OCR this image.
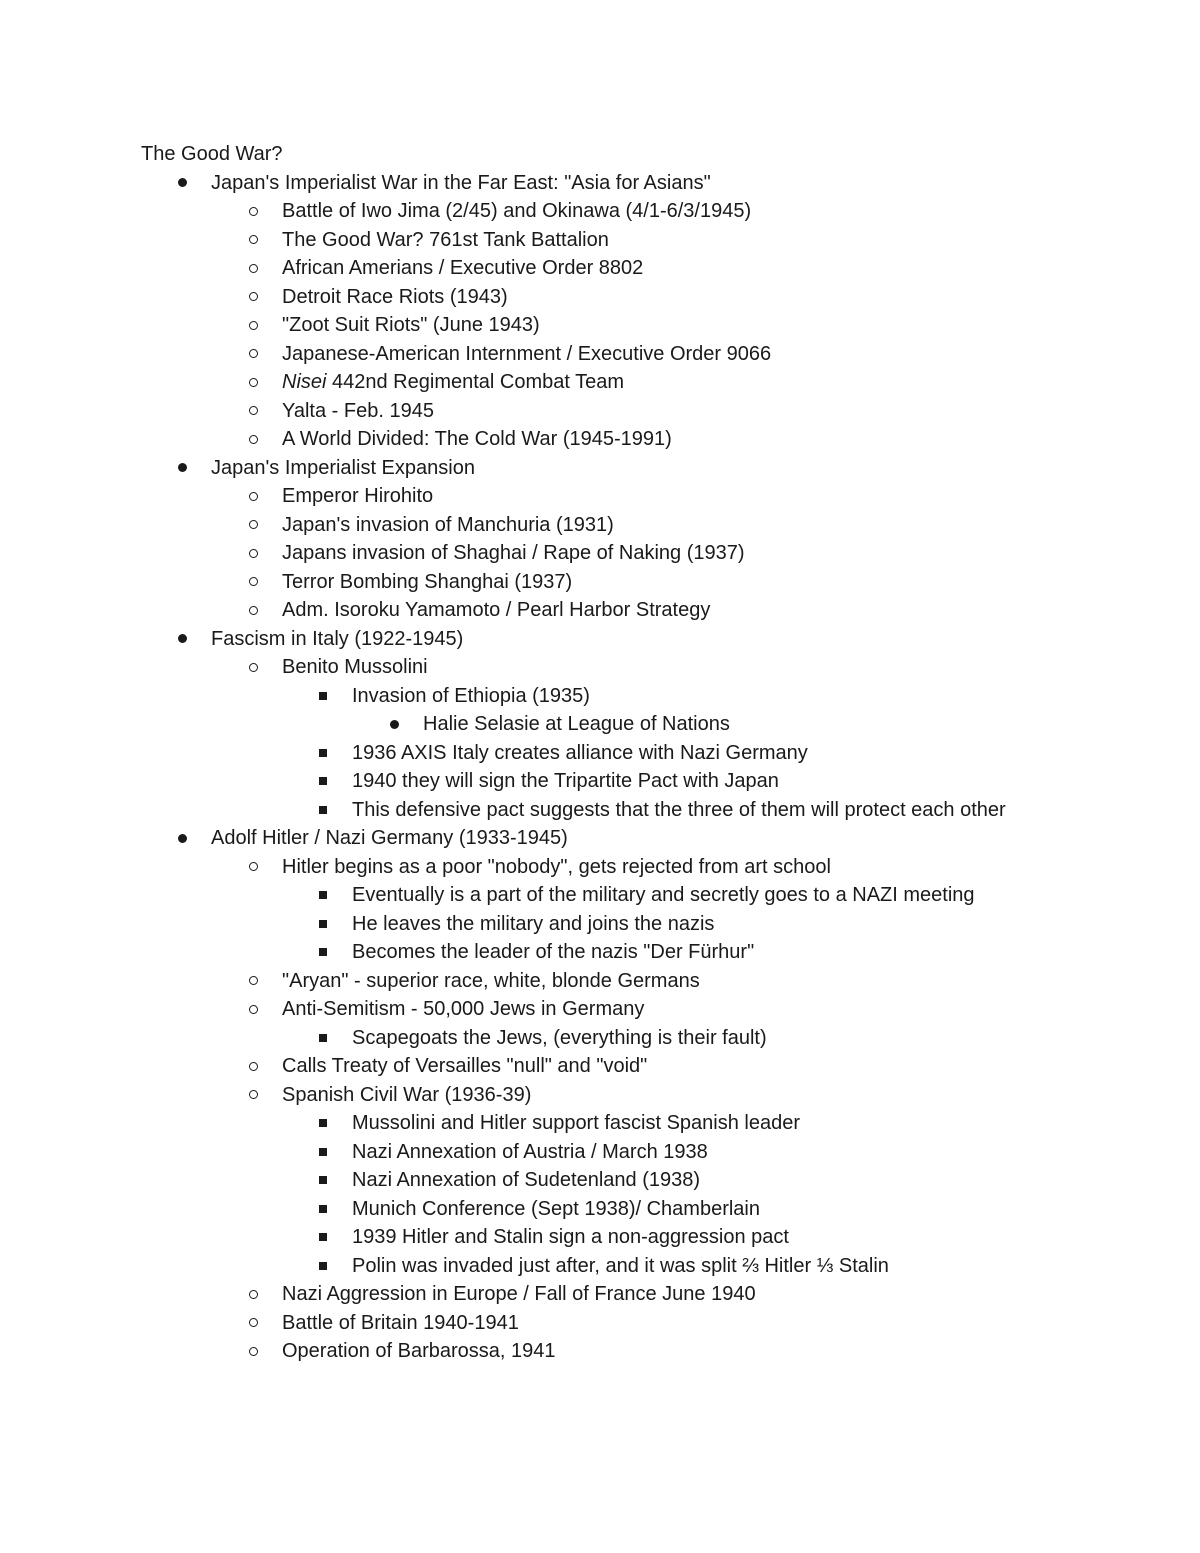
The Good War?
Japan's Imperialist War in the Far East: "Asia for Asians"
Battle of Iwo Jima (2/45) and Okinawa (4/1-6/3/1945)
The Good War? 761st Tank Battalion
African Amerians / Executive Order 8802
Detroit Race Riots (1943)
"Zoot Suit Riots" (June 1943)
Japanese-American Internment / Executive Order 9066
Nisei 442nd Regimental Combat Team
Yalta - Feb. 1945
A World Divided: The Cold War (1945-1991)
Japan's Imperialist Expansion
Emperor Hirohito
Japan's invasion of Manchuria (1931)
Japans invasion of Shaghai / Rape of Naking (1937)
Terror Bombing Shanghai (1937)
Adm. Isoroku Yamamoto / Pearl Harbor Strategy
Fascism in Italy (1922-1945)
Benito Mussolini
Invasion of Ethiopia (1935)
Halie Selasie at League of Nations
1936 AXIS Italy creates alliance with Nazi Germany
1940 they will sign the Tripartite Pact with Japan
This defensive pact suggests that the three of them will protect each other
Adolf Hitler / Nazi Germany (1933-1945)
Hitler begins as a poor "nobody", gets rejected from art school
Eventually is a part of the military and secretly goes to a NAZI meeting
He leaves the military and joins the nazis
Becomes the leader of the nazis "Der Fürhur"
"Aryan" - superior race, white, blonde Germans
Anti-Semitism - 50,000 Jews in Germany
Scapegoats the Jews, (everything is their fault)
Calls Treaty of Versailles "null" and "void"
Spanish Civil War (1936-39)
Mussolini and Hitler support fascist Spanish leader
Nazi Annexation of Austria / March 1938
Nazi Annexation of Sudetenland (1938)
Munich Conference (Sept 1938)/ Chamberlain
1939 Hitler and Stalin sign a non-aggression pact
Polin was invaded just after, and it was split ⅔ Hitler ⅓ Stalin
Nazi Aggression in Europe / Fall of France June 1940
Battle of Britain 1940-1941
Operation of Barbarossa, 1941
